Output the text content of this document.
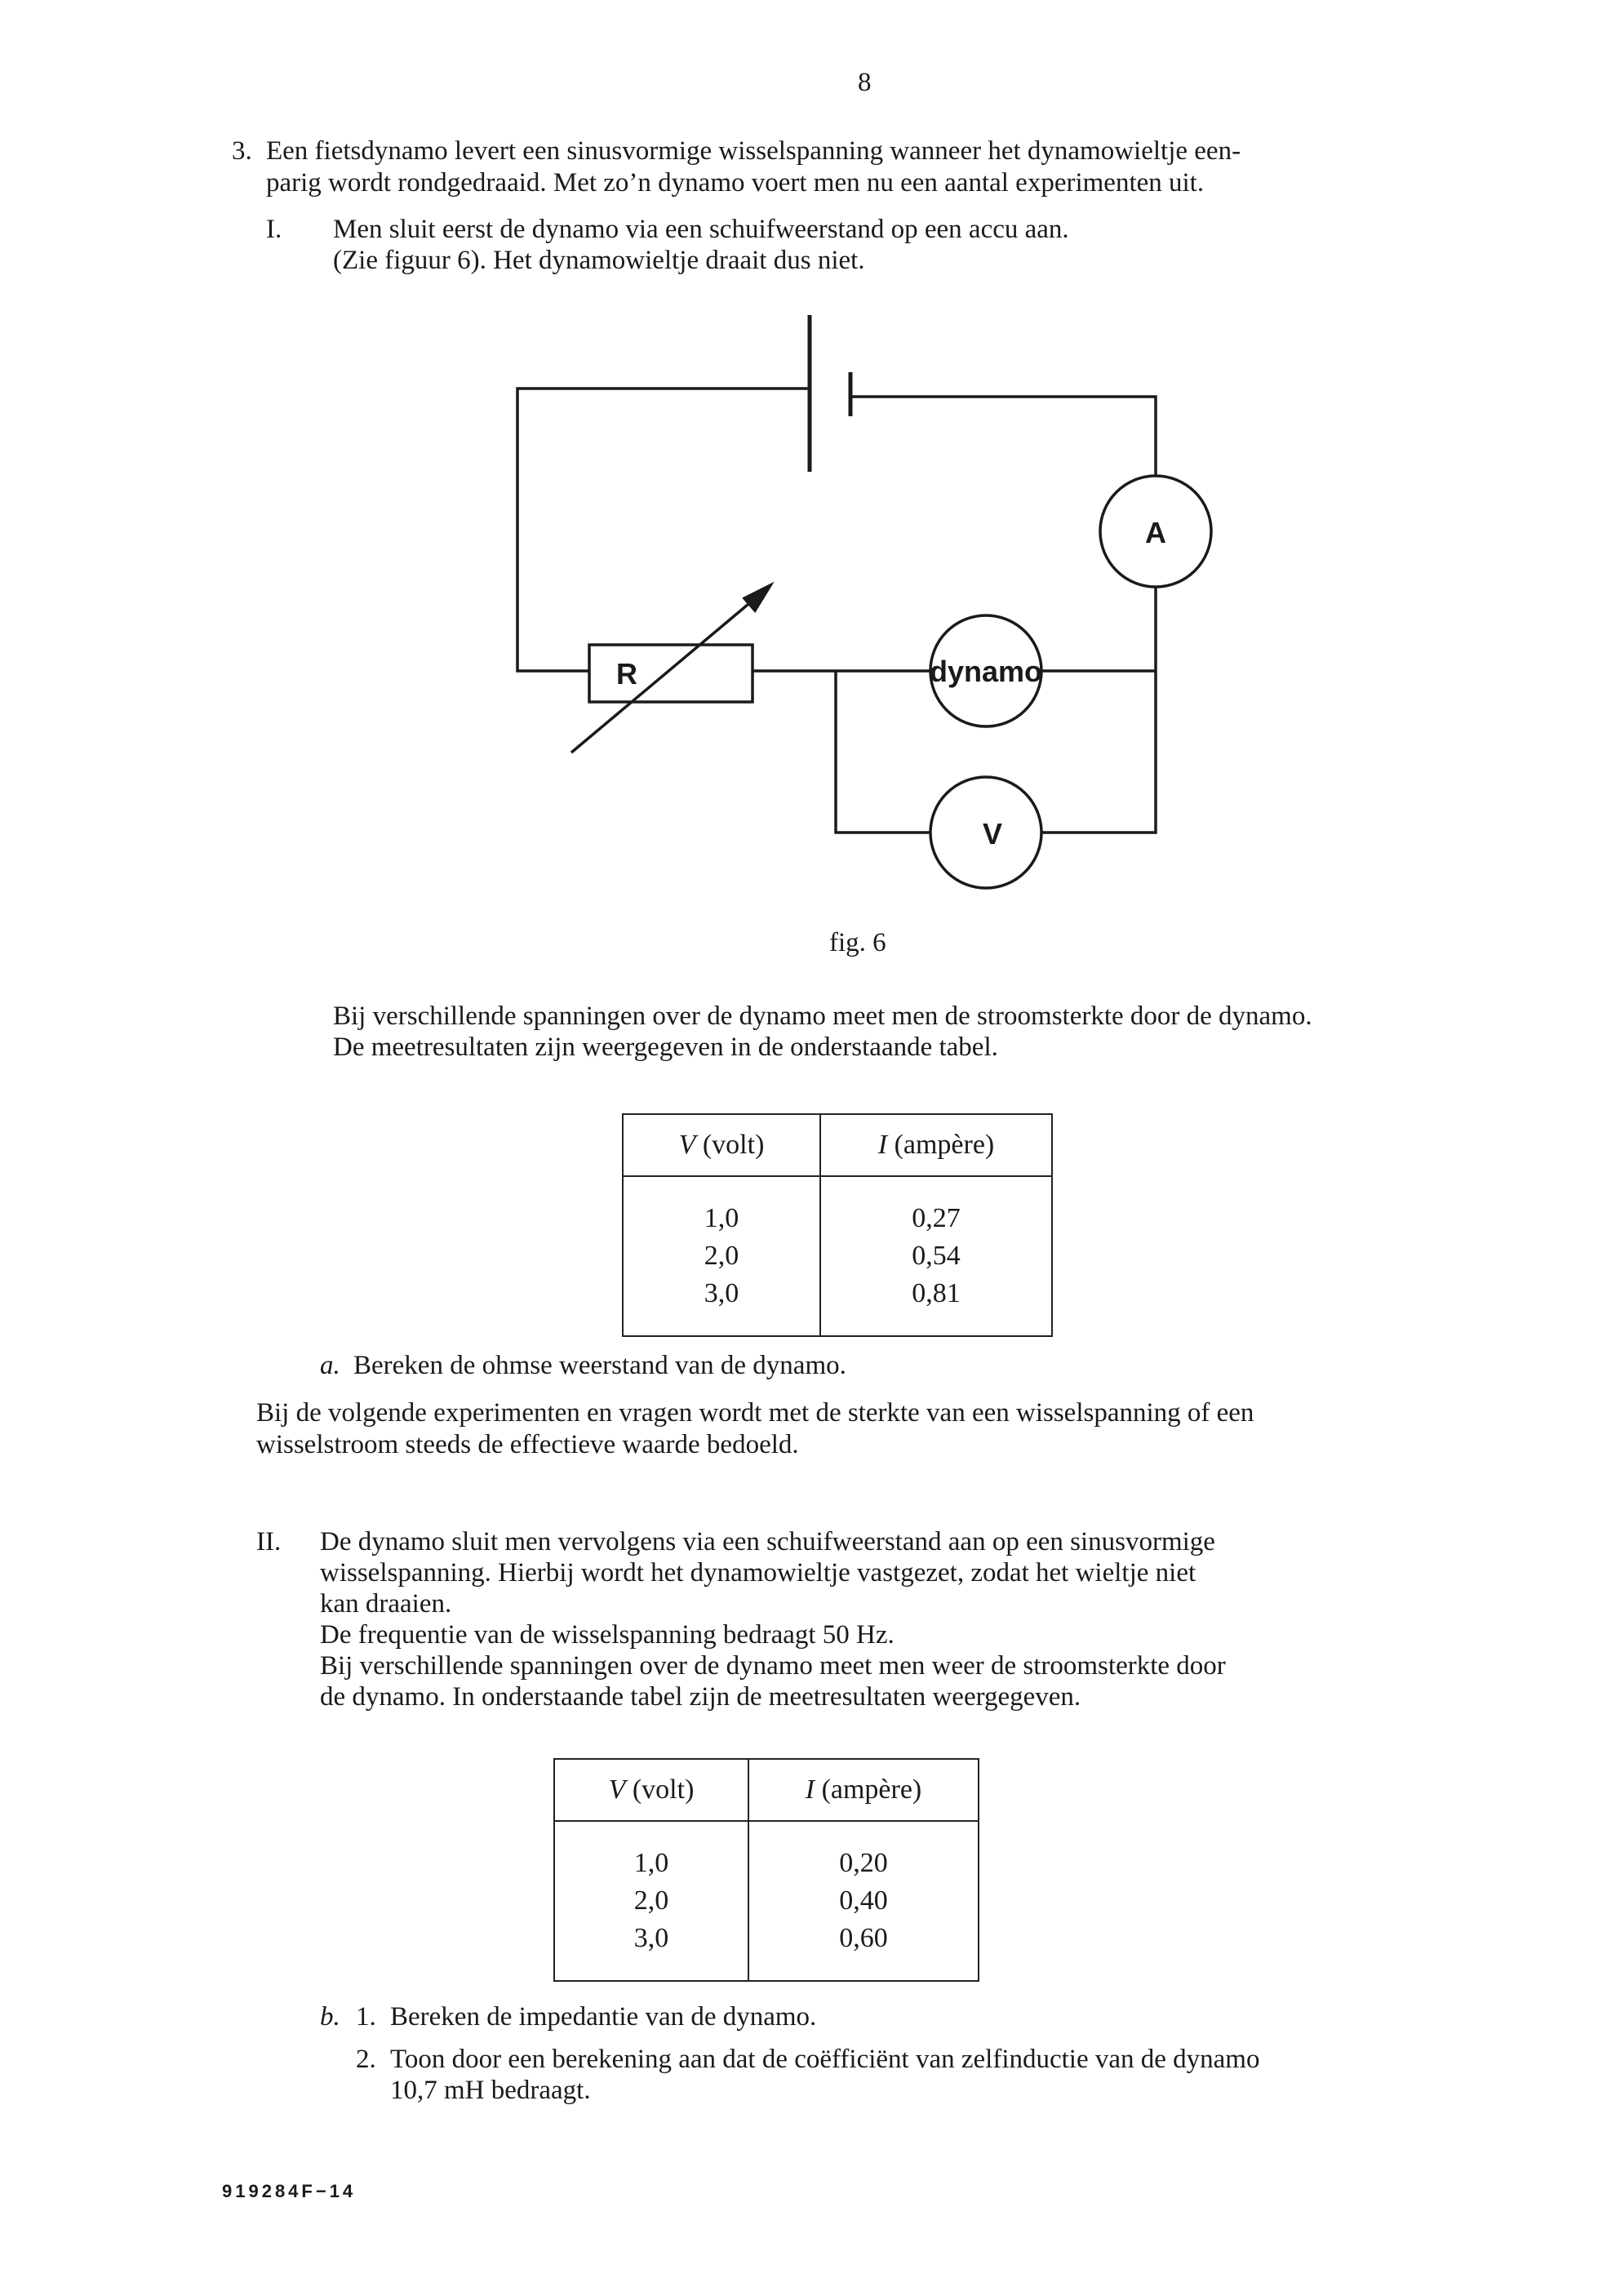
8
3. Een fietsdynamo levert een sinusvormige wisselspanning wanneer het dynamowieltje een-
parig wordt rondgedraaid. Met zo’n dynamo voert men nu een aantal experimenten uit.
I. Men sluit eerst de dynamo via een schuifweerstand op een accu aan.
(Zie figuur 6). Het dynamowieltje draait dus niet.
A
R	dynamo
V
fig. 6
Bij verschillende spanningen over de dynamo meet men de stroomsterkte door de dynamo.
De meetresultaten zijn weergegeven in de onderstaande tabel.
V (volt)	I (ampère)
1,0	0,27
2,0	0,54
3,0	0,81
a. Bereken de ohmse weerstand van de dynamo.
Bij de volgende experimenten en vragen wordt met de sterkte van een wisselspanning of een
wisselstroom steeds de effectieve waarde bedoeld.
II. De dynamo sluit men vervolgens via een schuifweerstand aan op een sinusvormige
wisselspanning. Hierbij wordt het dynamowieltje vastgezet, zodat het wieltje niet
kan draaien.
De frequentie van de wisselspanning bedraagt 50 Hz.
Bij verschillende spanningen over de dynamo meet men weer de stroomsterkte door
de dynamo. In onderstaande tabel zijn de meetresultaten weergegeven.
V (volt)	I (ampère)
1,0	0,20
2,0	0,40
3,0	0,60
b. 1. Bereken de impedantie van de dynamo.
2. Toon door een berekening aan dat de coëfficiënt van zelfinductie van de dynamo
10,7 mH bedraagt.
919284F−14
